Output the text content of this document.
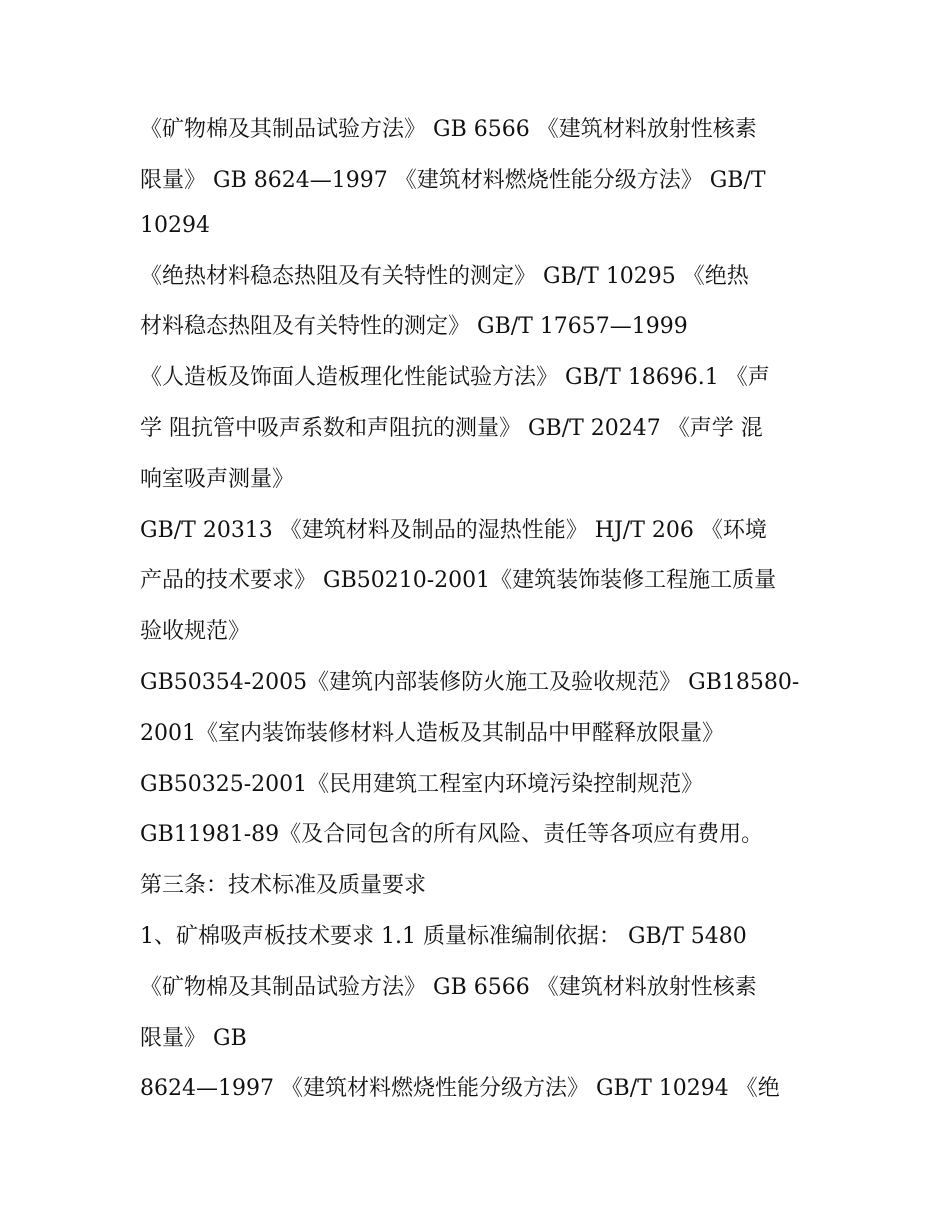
《矿物棉及其制品试验方法》 GB 6566 《建筑材料放射性核素
限量》 GB 8624—1997 《建筑材料燃烧性能分级方法》 GB/T
10294
《绝热材料稳态热阻及有关特性的测定》 GB/T 10295 《绝热
材料稳态热阻及有关特性的测定》 GB/T 17657—1999
《人造板及饰面人造板理化性能试验方法》 GB/T 18696.1 《声
学 阻抗管中吸声系数和声阻抗的测量》 GB/T 20247 《声学 混
响室吸声测量》
GB/T 20313 《建筑材料及制品的湿热性能》 HJ/T 206 《环境
产品的技术要求》 GB50210-2001《建筑装饰装修工程施工质量
验收规范》
GB50354-2005《建筑内部装修防火施工及验收规范》 GB18580-
2001《室内装饰装修材料人造板及其制品中甲醛释放限量》
GB50325-2001《民用建筑工程室内环境污染控制规范》
GB11981-89《及合同包含的所有风险、责任等各项应有费用。
第三条：技术标准及质量要求
1、矿棉吸声板技术要求 1.1 质量标准编制依据： GB/T 5480
《矿物棉及其制品试验方法》 GB 6566 《建筑材料放射性核素
限量》 GB
8624—1997 《建筑材料燃烧性能分级方法》 GB/T 10294 《绝
